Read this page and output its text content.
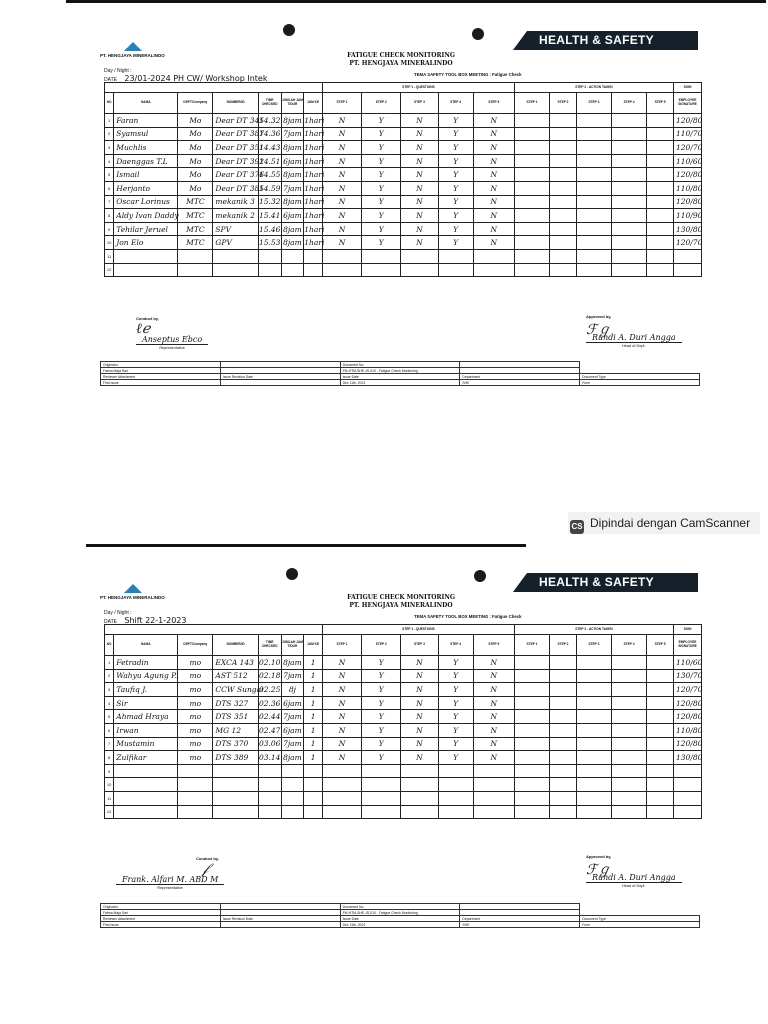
PT. HENGJAYA MINERALINDO
HEALTH & SAFETY
FATIGUE CHECK MONITORING
PT. HENGJAYA MINERALINDO
Day / Night :
DATE 23/01-2024 PH CW/ Workshop Intek	TEMA SAFETY TOOL BOX MEETING : Fatigue Check
							STEP 1 - QUESTIONS					STEP 2 - ACTION TAKEN					SIGN
NO	NAMA	DEPT/Company	NUMBER/ID	TIME CHECKED	JUMLAH JAM TIDUR	JAM KE	STEP 1	STEP 2	STEP 3	STEP 4	STEP 5	STEP 1	STEP 2	STEP 3	STEP 4	STEP 5	EMPLOYEE SIGNATURE
1	Faran	Mo	Dear DT 345	14.32	8jam	1hari	N	Y	N	Y	N						120/80
2	Syamsul	Mo	Dear DT 387	14.36	7jam	1hari	N	Y	N	Y	N						110/70
3	Muchlis	Mo	Dear DT 351	14.43	8jam	1hari	N	Y	N	Y	N						120/70
4	Daenggas T.L	Mo	Dear DT 392	14.51	6jam	1hari	N	Y	N	Y	N						110/60
5	Ismail	Mo	Dear DT 376	14.55	8jam	1hari	N	Y	N	Y	N						120/80
6	Herjanto	Mo	Dear DT 385	14.59	7jam	1hari	N	Y	N	Y	N						110/80
7	Oscar Lorinus	MTC	mekanik 3	15.32	8jam	1hari	N	Y	N	Y	N						120/80
8	Aldy Ivan Daddy	MTC	mekanik 2	15.41	6jam	1hari	N	Y	N	Y	N						110/90
9	Tehilar Jeruel	MTC	SPV	15.46	8jam	1hari	N	Y	N	Y	N						130/80
10	Jon Elo	MTC	GPV	15.53	8jam	1hari	N	Y	N	Y	N						120/70
11																	
12																	
Conduct by,
ℓℯ
Anseptus Ebco
Representative
Approved by,
ℱℊ
Randi A. Duri Angga
Head of Dept.
Originator		Document No.		
Fatma Maja Sari		FM-HTM-SHE-JS-010 - Fatigue Check Monitoring		
Reviewer Attachment	Issue Revision Date	Issue Date	Department	Document Type
First Issue		Dec 11th, 2021	SHE	Form
PT. HENGJAYA MINERALINDO
HEALTH & SAFETY
FATIGUE CHECK MONITORING
PT. HENGJAYA MINERALINDO
Day / Night :
DATE Shift 22-1-2023	TEMA SAFETY TOOL BOX MEETING : Fatigue Check
							STEP 1 - QUESTIONS					STEP 2 - ACTION TAKEN					SIGN
NO	NAMA	DEPT/Company	NUMBER/ID	TIME CHECKED	JUMLAH JAM TIDUR	JAM KE	STEP 1	STEP 2	STEP 3	STEP 4	STEP 5	STEP 1	STEP 2	STEP 3	STEP 4	STEP 5	EMPLOYEE SIGNATURE
1	Fetradin	mo	EXCA 143	02.10	8jam	1	N	Y	N	Y	N						110/60
2	Wahyu Agung P.	mo	AST 512	02.18	7jam	1	N	Y	N	Y	N						130/70
3	Taufiq J.	mo	CCW Sungai	02.25	8j	1	N	Y	N	Y	N						120/70
4	Sir	mo	DTS 327	02.36	6jam	1	N	Y	N	Y	N						120/80
5	Ahmad Hraya	mo	DTS 351	02.44	7jam	1	N	Y	N	Y	N						120/80
6	Irwan	mo	MG 12	02.47	6jam	1	N	Y	N	Y	N						110/80
7	Mustamin	mo	DTS 370	03.06	7jam	1	N	Y	N	Y	N						120/80
8	Zulfikar	mo	DTS 389	03.14	8jam	1	N	Y	N	Y	N						130/80
9																	
10																	
11																	
12																	
Conduct by,
𝒻
Frank. Alfari M. ABD M
Representative
Approved by,
ℱℊ
Randi A. Duri Angga
Head of Dept.
Originator		Document No.		
Fatma Maja Sari		FM-HTM-SHE-JS-010 - Fatigue Check Monitoring		
Reviewer Attachment	Issue Revision Date	Issue Date	Department	Document Type
First Issue		Dec 11th, 2021	SHE	Form
CS Dipindai dengan CamScanner
